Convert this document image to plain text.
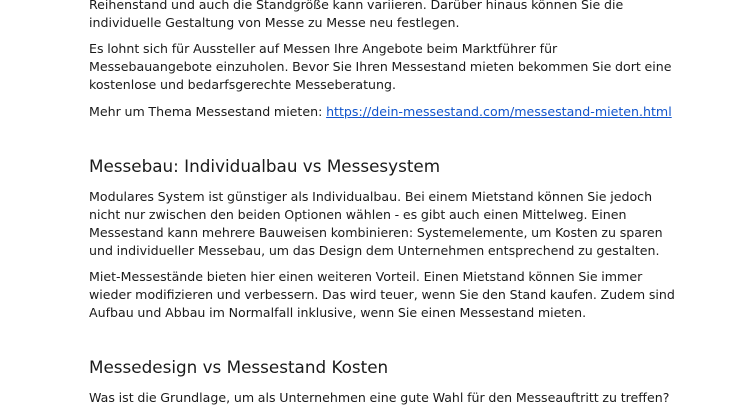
Reihenstand und auch die Standgröße kann variieren. Darüber hinaus können Sie die
individuelle Gestaltung von Messe zu Messe neu festlegen.

Es lohnt sich für Aussteller auf Messen Ihre Angebote beim Marktführer für
Messebauangebote einzuholen. Bevor Sie Ihren Messestand mieten bekommen Sie dort eine
kostenlose und bedarfsgerechte Messeberatung.

Mehr um Thema Messestand mieten: https://dein-messestand.com/messestand-mieten.html

Messebau: Individualbau vs Messesystem

Modulares System ist günstiger als Individualbau. Bei einem Mietstand können Sie jedoch
nicht nur zwischen den beiden Optionen wählen - es gibt auch einen Mittelweg. Einen
Messestand kann mehrere Bauweisen kombinieren: Systemelemente, um Kosten zu sparen
und individueller Messebau, um das Design dem Unternehmen entsprechend zu gestalten.

Miet-Messestände bieten hier einen weiteren Vorteil. Einen Mietstand können Sie immer
wieder modifizieren und verbessern. Das wird teuer, wenn Sie den Stand kaufen. Zudem sind
Aufbau und Abbau im Normalfall inklusive, wenn Sie einen Messestand mieten.

Messedesign vs Messestand Kosten

Was ist die Grundlage, um als Unternehmen eine gute Wahl für den Messeauftritt zu treffen?
